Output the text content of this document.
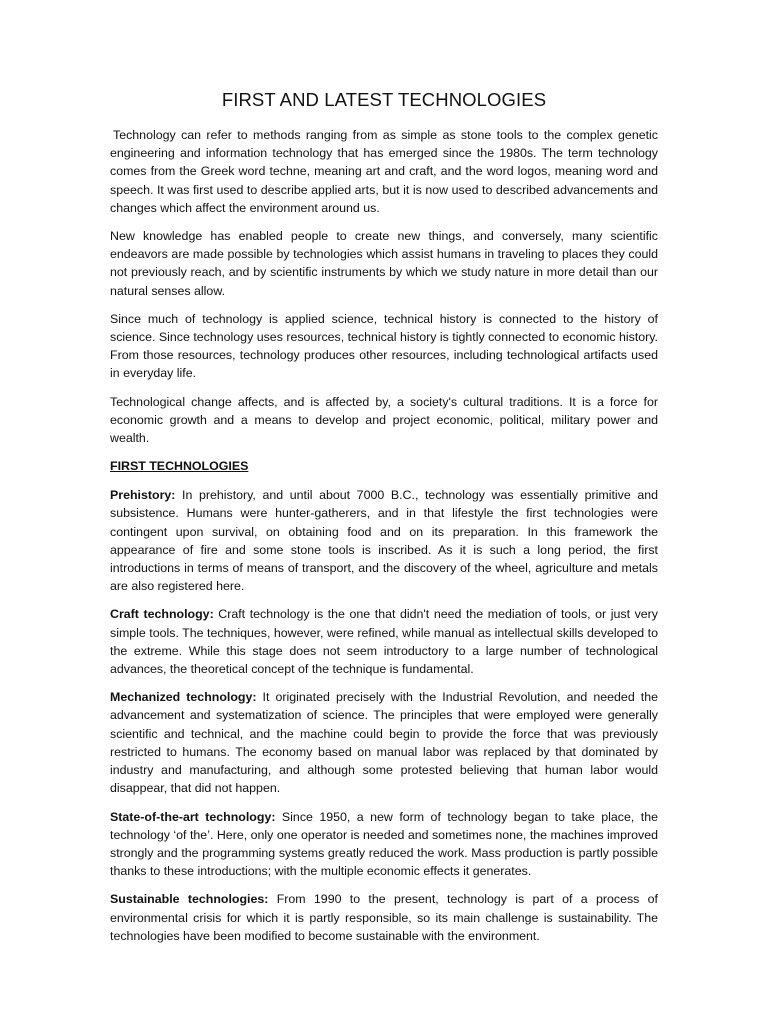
FIRST AND LATEST TECHNOLOGIES

Technology can refer to methods ranging from as simple as stone tools to the complex genetic engineering and information technology that has emerged since the 1980s. The term technology comes from the Greek word techne, meaning art and craft, and the word logos, meaning word and speech. It was first used to describe applied arts, but it is now used to described advancements and changes which affect the environment around us.

New knowledge has enabled people to create new things, and conversely, many scientific endeavors are made possible by technologies which assist humans in traveling to places they could not previously reach, and by scientific instruments by which we study nature in more detail than our natural senses allow.

Since much of technology is applied science, technical history is connected to the history of science. Since technology uses resources, technical history is tightly connected to economic history. From those resources, technology produces other resources, including technological artifacts used in everyday life.

Technological change affects, and is affected by, a society's cultural traditions. It is a force for economic growth and a means to develop and project economic, political, military power and wealth.

FIRST TECHNOLOGIES

Prehistory: In prehistory, and until about 7000 B.C., technology was essentially primitive and subsistence. Humans were hunter-gatherers, and in that lifestyle the first technologies were contingent upon survival, on obtaining food and on its preparation. In this framework the appearance of fire and some stone tools is inscribed. As it is such a long period, the first introductions in terms of means of transport, and the discovery of the wheel, agriculture and metals are also registered here.

Craft technology: Craft technology is the one that didn't need the mediation of tools, or just very simple tools. The techniques, however, were refined, while manual as intellectual skills developed to the extreme. While this stage does not seem introductory to a large number of technological advances, the theoretical concept of the technique is fundamental.

Mechanized technology: It originated precisely with the Industrial Revolution, and needed the advancement and systematization of science. The principles that were employed were generally scientific and technical, and the machine could begin to provide the force that was previously restricted to humans. The economy based on manual labor was replaced by that dominated by industry and manufacturing, and although some protested believing that human labor would disappear, that did not happen.

State-of-the-art technology: Since 1950, a new form of technology began to take place, the technology ‘of the’. Here, only one operator is needed and sometimes none, the machines improved strongly and the programming systems greatly reduced the work. Mass production is partly possible thanks to these introductions; with the multiple economic effects it generates.

Sustainable technologies: From 1990 to the present, technology is part of a process of environmental crisis for which it is partly responsible, so its main challenge is sustainability. The technologies have been modified to become sustainable with the environment.
